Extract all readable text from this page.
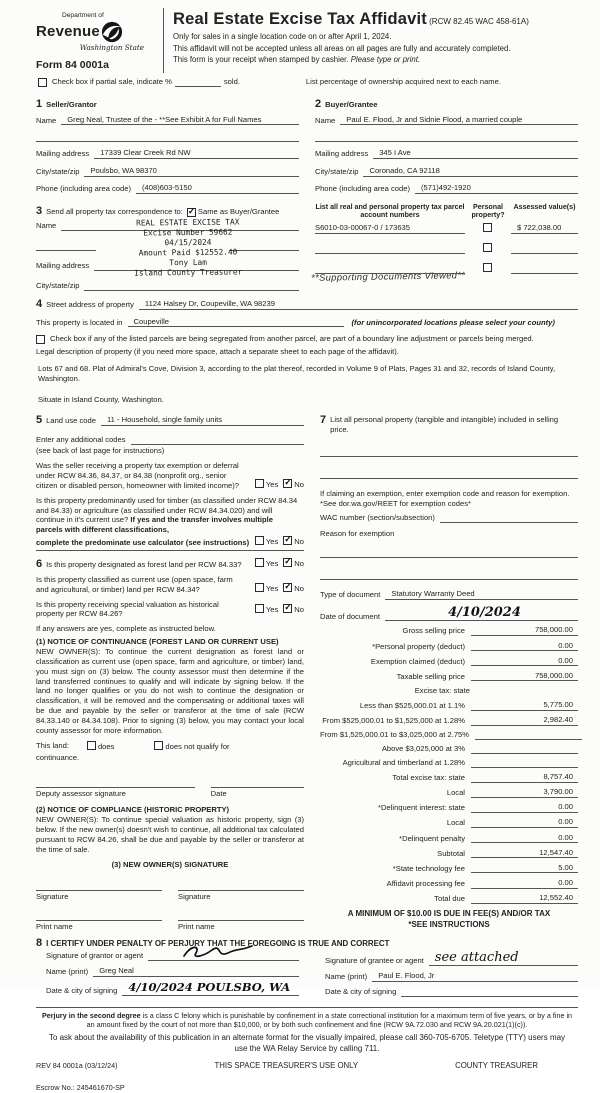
Department of
Revenue
Washington State
Form 84 0001a
Real Estate Excise Tax Affidavit (RCW 82.45 WAC 458-61A)
Only for sales in a single location code on or after April 1, 2024.
This affidavit will not be accepted unless all areas on all pages are fully and accurately completed.
This form is your receipt when stamped by cashier. Please type or print.
Check box if partial sale, indicate %	sold.	List percentage of ownership acquired next to each name.
1 Seller/Grantor
Name	Greg Neal, Trustee of the - **See Exhibit A for Full Names
Mailing address	17339 Clear Creek Rd NW
City/state/zip	Poulsbo, WA 98370
Phone (including area code)	(408)603-5150
2 Buyer/Grantee
Name	Paul E. Flood, Jr and Sidnie Flood, a married couple
Mailing address	345 I Ave
City/state/zip	Coronado, CA 92118
Phone (including area code)	(571)492-1920
3 Send all property tax correspondence to: ✓ Same as Buyer/Grantee
REAL ESTATE EXCISE TAX
Excise Number 59662
04/15/2024
Amount Paid $12552.40
Tony Lam
Island County Treasurer
Name
Mailing address
City/state/zip
List all real and personal property tax parcel account numbers
Personal property?
Assessed value(s)
S6010-03-00067-0 / 173635	$ 722,038.00
**Supporting Documents Viewed**
4 Street address of property	1124 Halsey Dr, Coupeville, WA 98239
This property is located in	Coupeville	(for unincorporated locations please select your county)
Check box if any of the listed parcels are being segregated from another parcel, are part of a boundary line adjustment or parcels being merged.
Legal description of property (if you need more space, attach a separate sheet to each page of the affidavit).
Lots 67 and 68. Plat of Admiral's Cove, Division 3, according to the plat thereof, recorded in Volume 9 of Plats, Pages 31 and 32, records of Island County, Washington.
Situate in Island County, Washington.
5 Land use code	11 - Household, single family units
Enter any additional codes
(see back of last page for instructions)
Was the seller receiving a property tax exemption or deferral under RCW 84.36, 84.37, or 84.38 (nonprofit org., senior citizen or disabled person, homeowner with limited income)?	Yes ✓ No
Is this property predominantly used for timber (as classified under RCW 84.34 and 84.33) or agriculture (as classified under RCW 84.34.020) and will continue in it's current use? If yes and the transfer involves multiple parcels with different classifications,
complete the predominate use calculator (see instructions)	Yes ✓ No
6 Is this property designated as forest land per RCW 84.33?	Yes ✓ No
Is this property classified as current use (open space, farm and agricultural, or timber) land per RCW 84.34?	Yes ✓ No
Is this property receiving special valuation as historical property per RCW 84.26?
Yes ✓ No
If any answers are yes, complete as instructed below.
(1) NOTICE OF CONTINUANCE (FOREST LAND OR CURRENT USE)
NEW OWNER(S): To continue the current designation as forest land or classification as current use (open space, farm and agriculture, or timber) land, you must sign on (3) below. The county assessor must then determine if the land transferred continues to qualify and will indicate by signing below. If the land no longer qualifies or you do not wish to continue the designation or classification, it will be removed and the compensating or additional taxes will be due and payable by the seller or transferor at the time of sale (RCW 84.33.140 or 84.34.108). Prior to signing (3) below, you may contact your local county assessor for more information.
This land:	does	does not qualify for
continuance.
Deputy assessor signature	Date
(2) NOTICE OF COMPLIANCE (HISTORIC PROPERTY)
NEW OWNER(S): To continue special valuation as historic property, sign (3) below. If the new owner(s) doesn't wish to continue, all additional tax calculated pursuant to RCW 84.26, shall be due and payable by the seller or transferor at the time of sale.
(3) NEW OWNER(S) SIGNATURE
Signature	Signature
Print name	Print name
7 List all personal property (tangible and intangible) included in selling price.
If claiming an exemption, enter exemption code and reason for exemption. *See dor.wa.gov/REET for exemption codes*
WAC number (section/subsection)
Reason for exemption
Type of document	Statutory Warranty Deed
Date of document	4/10/2024
Gross selling price	758,000.00
*Personal property (deduct)	0.00
Exemption claimed (deduct)	0.00
Taxable selling price	758,000.00
Excise tax: state
Less than $525,000.01 at 1.1%	5,775.00
From $525,000.01 to $1,525,000 at 1.28%	2,982.40
From $1,525,000.01 to $3,025,000 at 2.75%
Above $3,025,000 at 3%
Agricultural and timberland at 1.28%
Total excise tax: state	8,757.40
Local	3,790.00
*Delinquent interest: state	0.00
Local	0.00
*Delinquent penalty	0.00
Subtotal	12,547.40
*State technology fee	5.00
Affidavit processing fee	0.00
Total due	12,552.40
A MINIMUM OF $10.00 IS DUE IN FEE(S) AND/OR TAX
*SEE INSTRUCTIONS
8 I CERTIFY UNDER PENALTY OF PERJURY THAT THE FOREGOING IS TRUE AND CORRECT
Signature of grantor or agent
Name (print)	Greg Neal
Date & city of signing 4/10/2024 POULSBO, WA
Signature of grantee or agent see attached
Name (print)	Paul E. Flood, Jr
Date & city of signing
Perjury in the second degree is a class C felony which is punishable by confinement in a state correctional institution for a maximum term of five years, or by a fine in an amount fixed by the court of not more than $10,000, or by both such confinement and fine (RCW 9A.72.030 and RCW 9A.20.021(1)(c)).
To ask about the availability of this publication in an alternate format for the visually impaired, please call 360-705-6705. Teletype (TTY) users may use the WA Relay Service by calling 711.
REV 84 0001a (03/12/24)	THIS SPACE TREASURER'S USE ONLY	COUNTY TREASURER
Escrow No.: 245461670-SP
